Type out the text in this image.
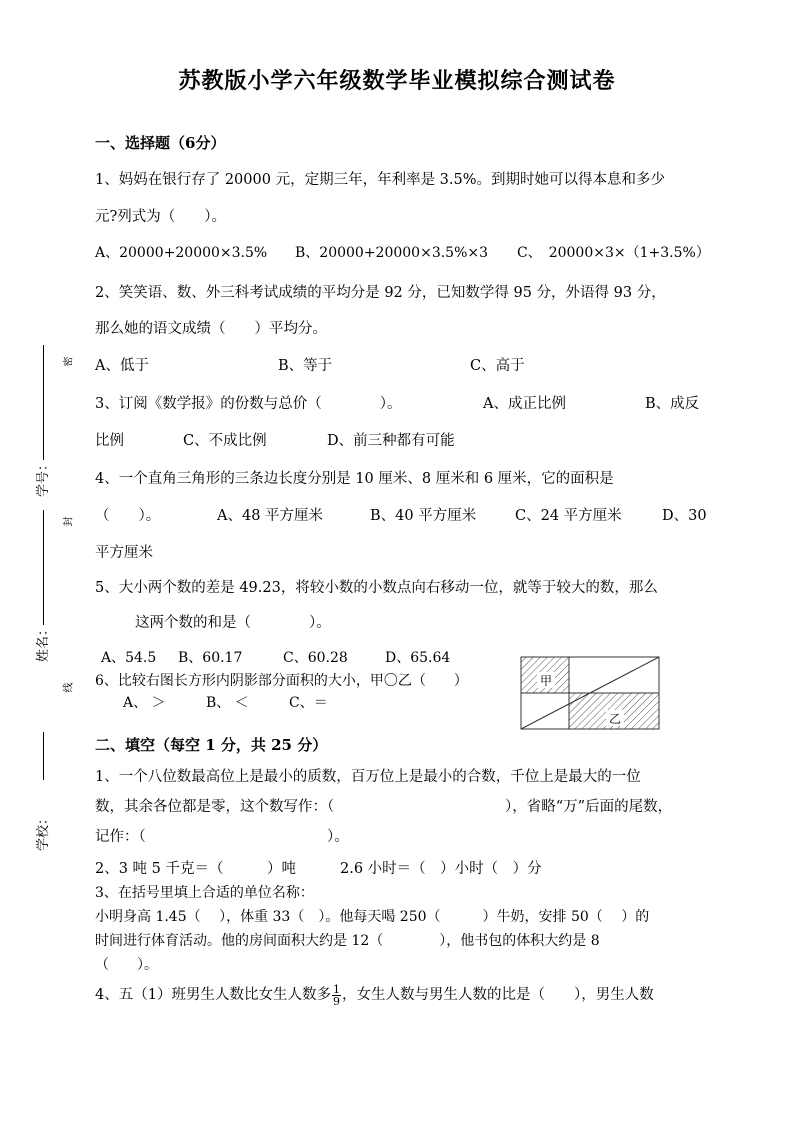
苏教版小学六年级数学毕业模拟综合测试卷
学号：
姓名：
学校：
密
封
线
一、选择题（6分）
1、妈妈在银行存了 20000 元，定期三年，年利率是 3.5%。到期时她可以得本息和多少
元?列式为（　　）。
A、20000+20000×3.5% B、20000+20000×3.5%×3 C、　20000×3×（1+3.5%）
2、笑笑语、数、外三科考试成绩的平均分是 92 分，已知数学得 95 分，外语得 93 分，
那么她的语文成绩（　　）平均分。
A、低于	B、等于	C、高于
3、订阅《数学报》的份数与总价（　　　　）。	A、成正比例	B、成反
比例	C、不成比例	D、前三种都有可能
4、一个直角三角形的三条边长度分别是 10 厘米、8 厘米和 6 厘米，它的面积是
（　　）。	A、48 平方厘米	B、40 平方厘米	C、24 平方厘米	D、30
平方厘米
5、大小两个数的差是 49.23，将较小数的小数点向右移动一位，就等于较大的数，那么
这两个数的和是（　　　　）。
A、54.5 B、60.17	C、60.28	D、65.64
6、比较右图长方形内阴影部分面积的大小，甲〇乙（　　）
A、 ＞	B、 ＜	C、＝
甲
乙
二、填空（每空 1 分，共 25 分）
1、一个八位数最高位上是最小的质数，百万位上是最小的合数，千位上是最大的一位
数，其余各位都是零，这个数写作：（	），省略“万”后面的尾数，
记作：（	）。
2、3 吨 5 千克＝（　　　）吨	2.6 小时＝（　）小时（　）分
3、在括号里填上合适的单位名称：
小明身高 1.45（　 ），体重 33（　）。他每天喝 250（　　　）牛奶，安排 50（　 ）的
时间进行体育活动。他的房间面积大约是 12（　　　　），他书包的体积大约是 8
（　　）。
4、五（1）班男生人数比女生人数多 $\frac{1}{9}$ ，女生人数与男生人数的比是（　　），男生人数
